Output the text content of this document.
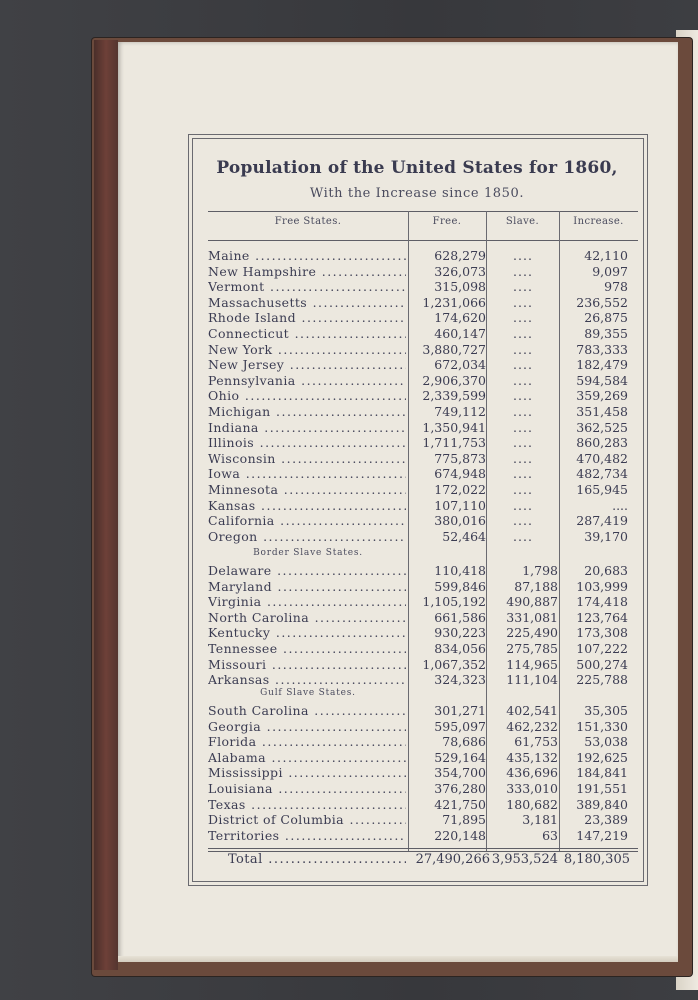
Population of the United States for 1860,
With the Increase since 1850.
Free States.	Free.	Slave.	Increase.
Maine .....	628,279	....	42,110
New Hampshire .....	326,073	....	9,097
Vermont .....	315,098	....	978
Massachusetts .....	1,231,066	....	236,552
Rhode Island .....	174,620	....	26,875
Connecticut .....	460,147	....	89,355
New York .....	3,880,727	....	783,333
New Jersey .....	672,034	....	182,479
Pennsylvania .....	2,906,370	....	594,584
Ohio .....	2,339,599	....	359,269
Michigan .....	749,112	....	351,458
Indiana .....	1,350,941	....	362,525
Illinois .....	1,711,753	....	860,283
Wisconsin .....	775,873	....	470,482
Iowa .....	674,948	....	482,734
Minnesota .....	172,022	....	165,945
Kansas .....	107,110	....	....
California .....	380,016	....	287,419
Oregon .....	52,464	....	39,170
Border Slave States.
Delaware .....	110,418	1,798	20,683
Maryland .....	599,846	87,188	103,999
Virginia .....	1,105,192	490,887	174,418
North Carolina .....	661,586	331,081	123,764
Kentucky .....	930,223	225,490	173,308
Tennessee .....	834,056	275,785	107,222
Missouri .....	1,067,352	114,965	500,274
Arkansas .....	324,323	111,104	225,788
Gulf Slave States.
South Carolina .....	301,271	402,541	35,305
Georgia .....	595,097	462,232	151,330
Florida .....	78,686	61,753	53,038
Alabama .....	529,164	435,132	192,625
Mississippi .....	354,700	436,696	184,841
Louisiana .....	376,280	333,010	191,551
Texas .....	421,750	180,682	389,840
District of Columbia .....	71,895	3,181	23,389
Territories .....	220,148	63	147,219
Total .....	27,490,266 3,953,524 8,180,305
